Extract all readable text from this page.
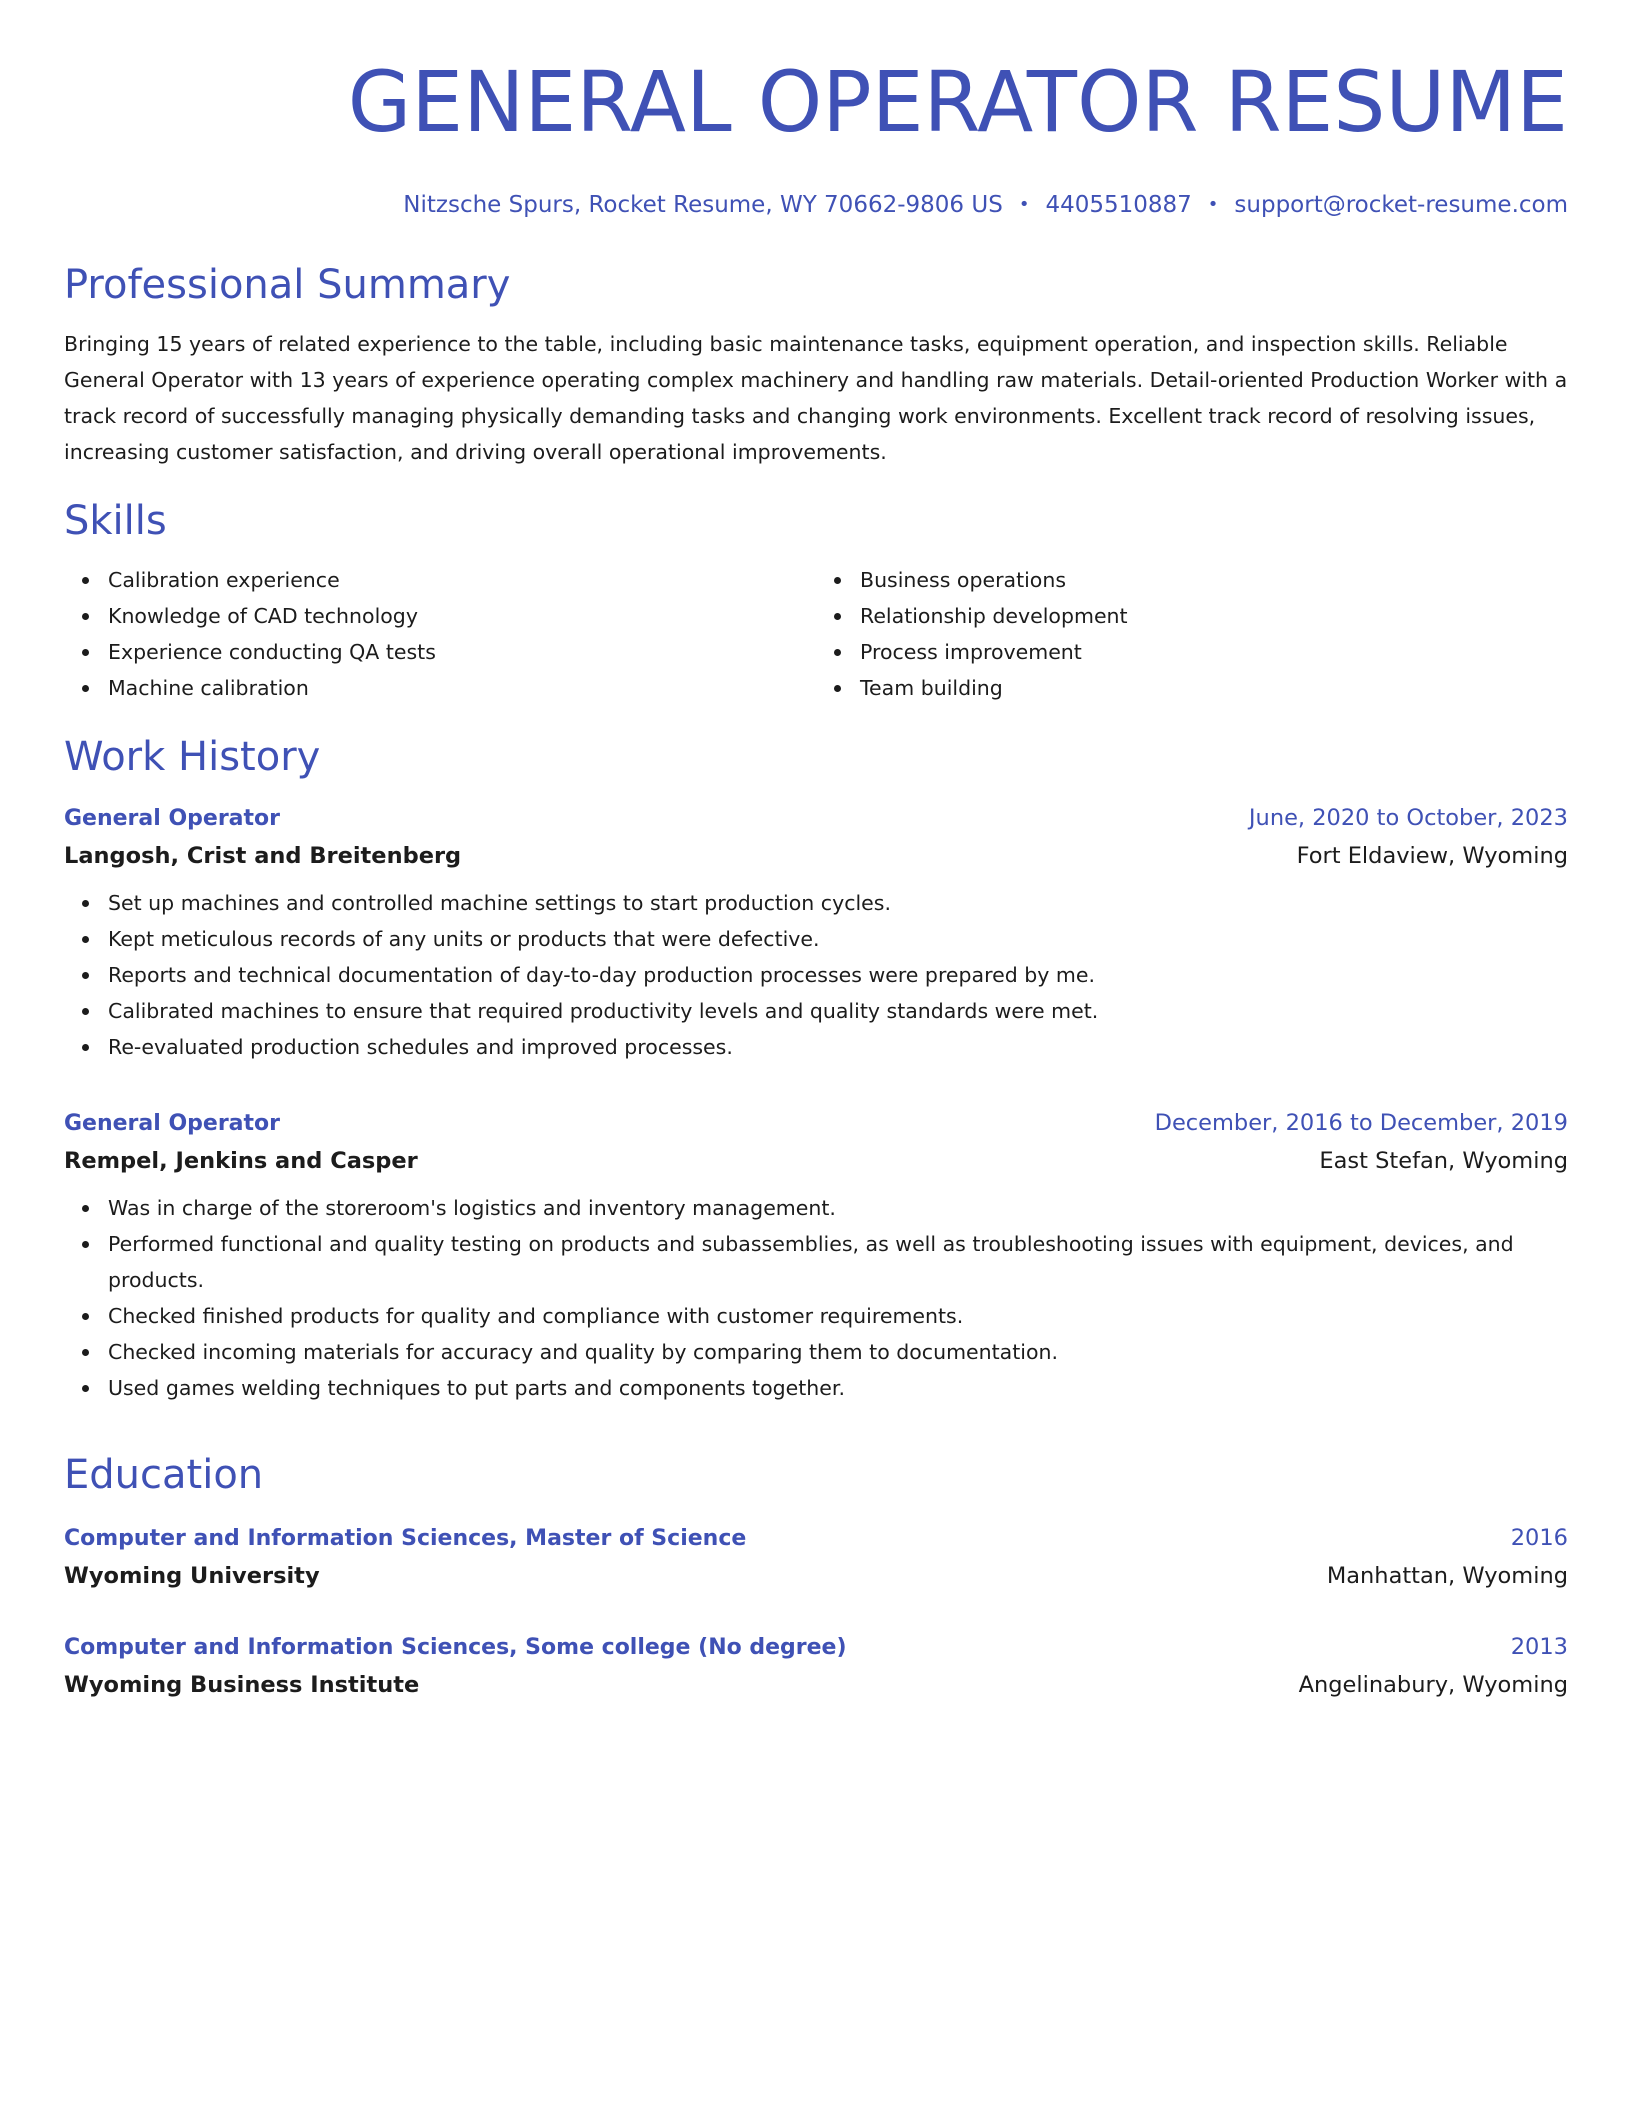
GENERAL OPERATOR RESUME
Nitzsche Spurs, Rocket Resume, WY 70662-9806 US • 4405510887 • support@rocket-resume.com
Professional Summary

Bringing 15 years of related experience to the table, including basic maintenance tasks, equipment operation, and inspection skills. Reliable General Operator with 13 years of experience operating complex machinery and handling raw materials. Detail-oriented Production Worker with a track record of successfully managing physically demanding tasks and changing work environments. Excellent track record of resolving issues, increasing customer satisfaction, and driving overall operational improvements.

Skills
Calibration experience
Knowledge of CAD technology
Experience conducting QA tests
Machine calibration
Business operations
Relationship development
Process improvement
Team building
Work History
General Operator	June, 2020 to October, 2023
Langosh, Crist and Breitenberg	Fort Eldaview, Wyoming
Set up machines and controlled machine settings to start production cycles.
Kept meticulous records of any units or products that were defective.
Reports and technical documentation of day-to-day production processes were prepared by me.
Calibrated machines to ensure that required productivity levels and quality standards were met.
Re-evaluated production schedules and improved processes.
General Operator	December, 2016 to December, 2019
Rempel, Jenkins and Casper	East Stefan, Wyoming
Was in charge of the storeroom's logistics and inventory management.
Performed functional and quality testing on products and subassemblies, as well as troubleshooting issues with equipment, devices, and products.
Checked finished products for quality and compliance with customer requirements.
Checked incoming materials for accuracy and quality by comparing them to documentation.
Used games welding techniques to put parts and components together.
Education
Computer and Information Sciences, Master of Science	2016
Wyoming University	Manhattan, Wyoming
Computer and Information Sciences, Some college (No degree)	2013
Wyoming Business Institute	Angelinabury, Wyoming
